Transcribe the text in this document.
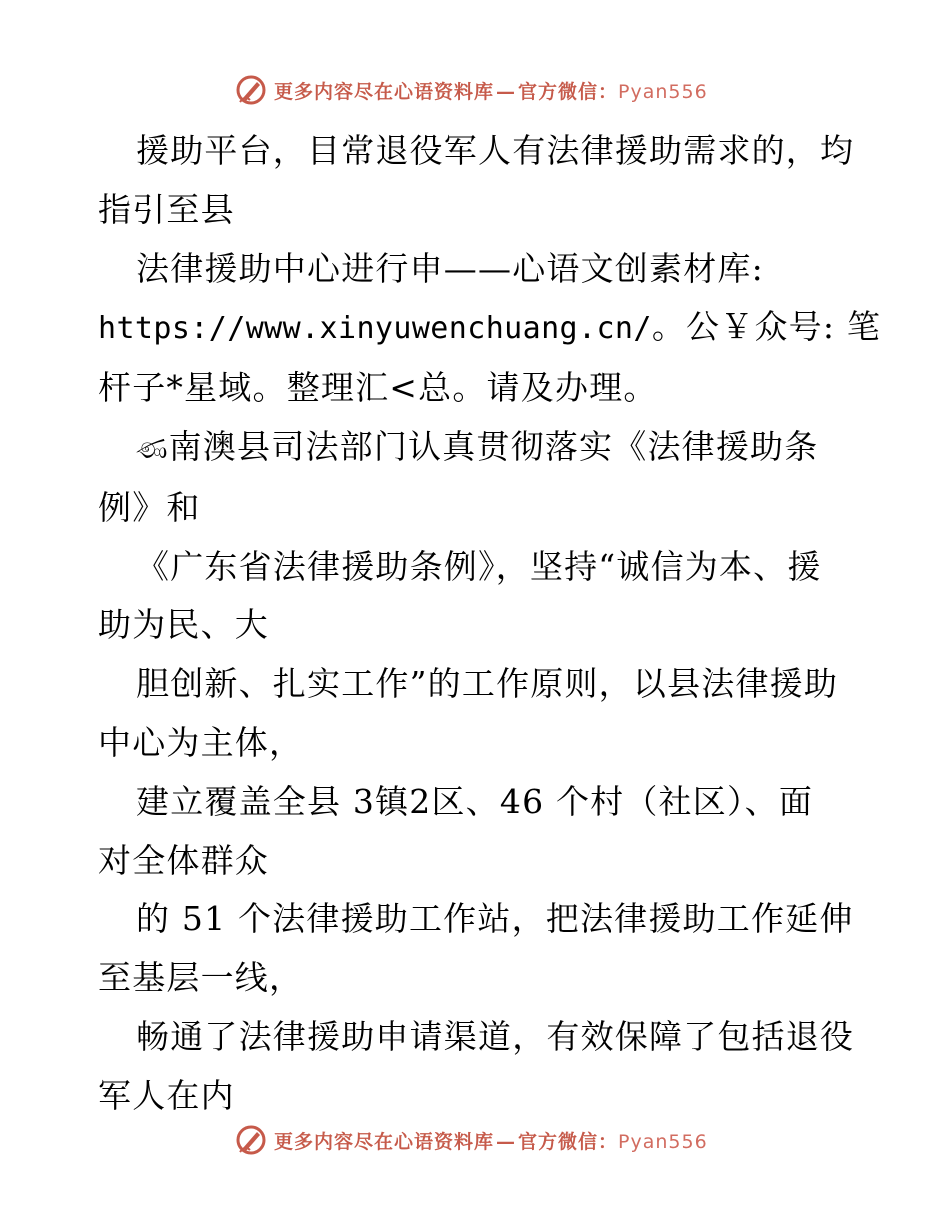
更多内容尽在心语资料库 — 官方微信：Pyan556
援助平台，目常退役军人有法律援助需求的，均
指引至县
法律援助中心进行申——心语文创素材库:
https://www.xinyuwenchuang.cn/。公￥众号: 笔
杆子*星域。整理汇<总。请及办理。
ණ南澳县司法部门认真贯彻落实《法律援助条
例》和
《广东省法律援助条例》，坚持“诚信为本、援
助为民、大
胆创新、扎实工作”的工作原则，以县法律援助
中心为主体，
建立覆盖全县 3镇2区、46 个村（社区）、面
对全体群众
的 51 个法律援助工作站，把法律援助工作延伸
至基层一线，
畅通了法律援助申请渠道，有效保障了包括退役
军人在内
更多内容尽在心语资料库 — 官方微信：Pyan556
